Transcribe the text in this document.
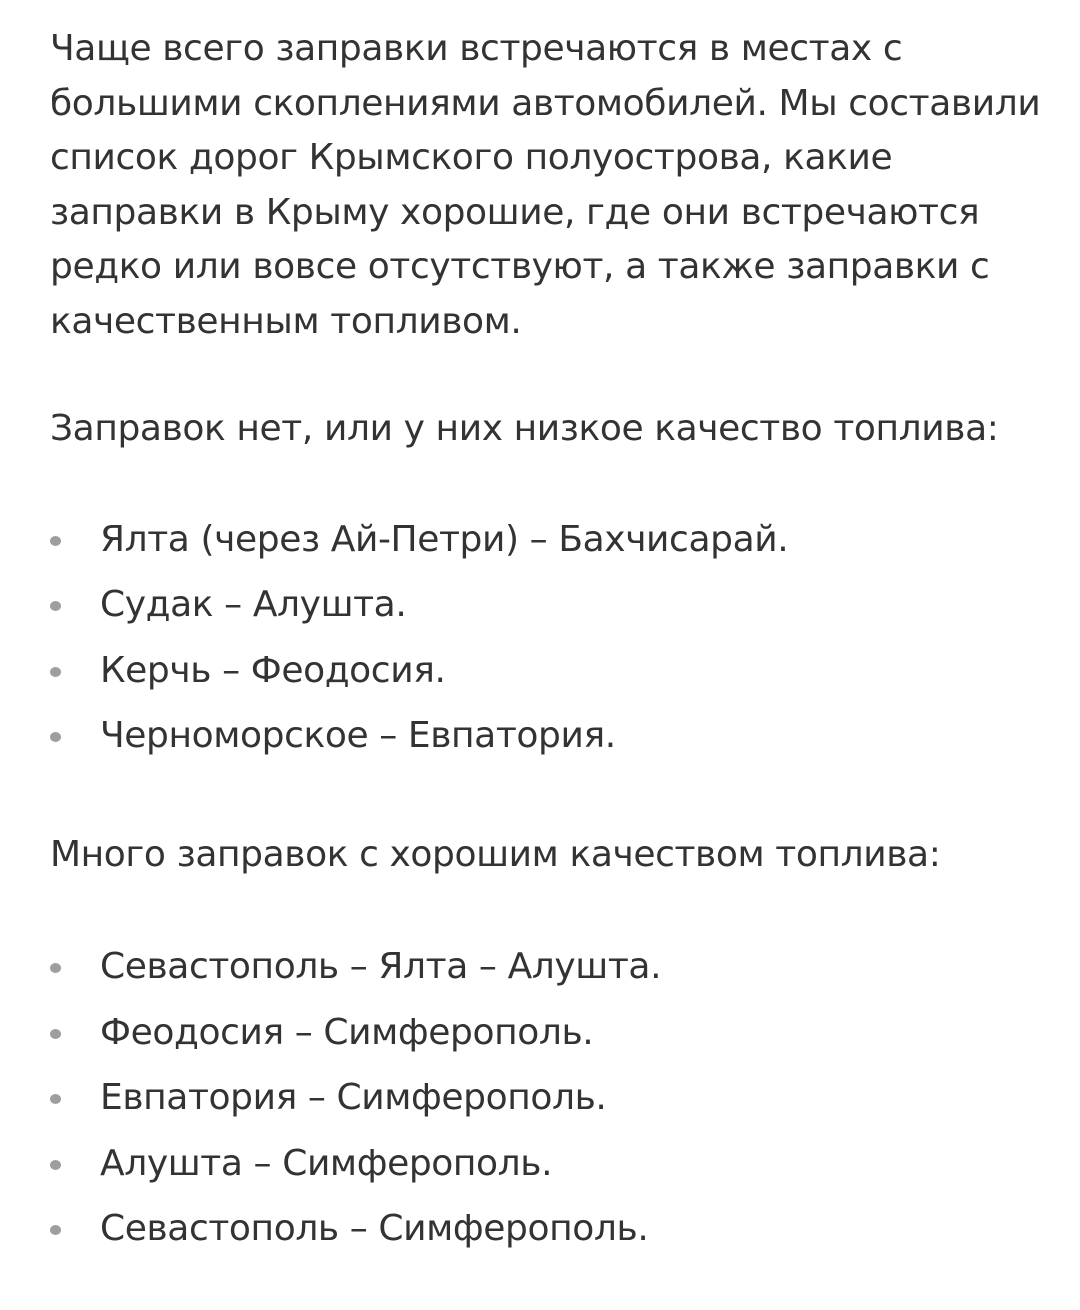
Чаще всего заправки встречаются в местах с большими скоплениями автомобилей. Мы составили список дорог Крымского полуострова, какие заправки в Крыму хорошие, где они встречаются редко или вовсе отсутствуют, а также заправки с качественным топливом.

Заправок нет, или у них низкое качество топлива:

Ялта (через Ай-Петри) – Бахчисарай.
Судак – Алушта.
Керчь – Феодосия.
Черноморское – Евпатория.

Много заправок с хорошим качеством топлива:

Севастополь – Ялта – Алушта.
Феодосия – Симферополь.
Евпатория – Симферополь.
Алушта – Симферополь.
Севастополь – Симферополь.
